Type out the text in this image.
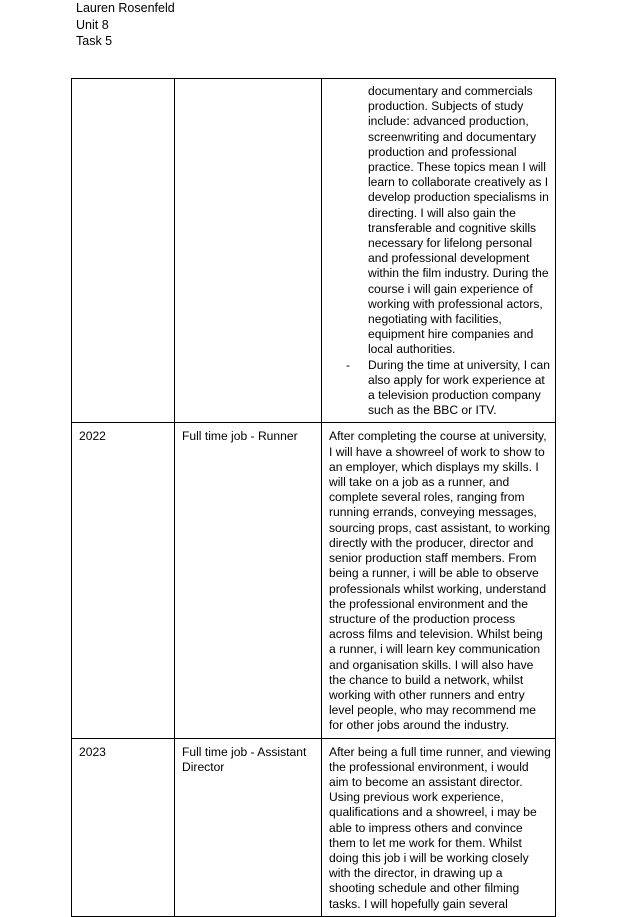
Lauren Rosenfeld
Unit 8
Task 5

		documentary and commercials production. Subjects of study include: advanced production, screenwriting and documentary production and professional practice. These topics mean I will learn to collaborate creatively as I develop production specialisms in directing. I will also gain the transferable and cognitive skills necessary for lifelong personal and professional development within the film industry. During the course i will gain experience of working with professional actors, negotiating with facilities, equipment hire companies and local authorities.

- During the time at university, I can also apply for work experience at a television production company such as the BBC or ITV.

2022	Full time job - Runner	After completing the course at university, I will have a showreel of work to show to an employer, which displays my skills. I will take on a job as a runner, and complete several roles, ranging from running errands, conveying messages, sourcing props, cast assistant, to working directly with the producer, director and senior production staff members. From being a runner, i will be able to observe professionals whilst working, understand the professional environment and the structure of the production process across films and television. Whilst being a runner, i will learn key communication and organisation skills. I will also have the chance to build a network, whilst working with other runners and entry level people, who may recommend me for other jobs around the industry.
2023	Full time job - Assistant Director	After being a full time runner, and viewing the professional environment, i would aim to become an assistant director. Using previous work experience, qualifications and a showreel, i may be able to impress others and convince them to let me work for them. Whilst doing this job i will be working closely with the director, in drawing up a shooting schedule and other filming tasks. I will hopefully gain several
